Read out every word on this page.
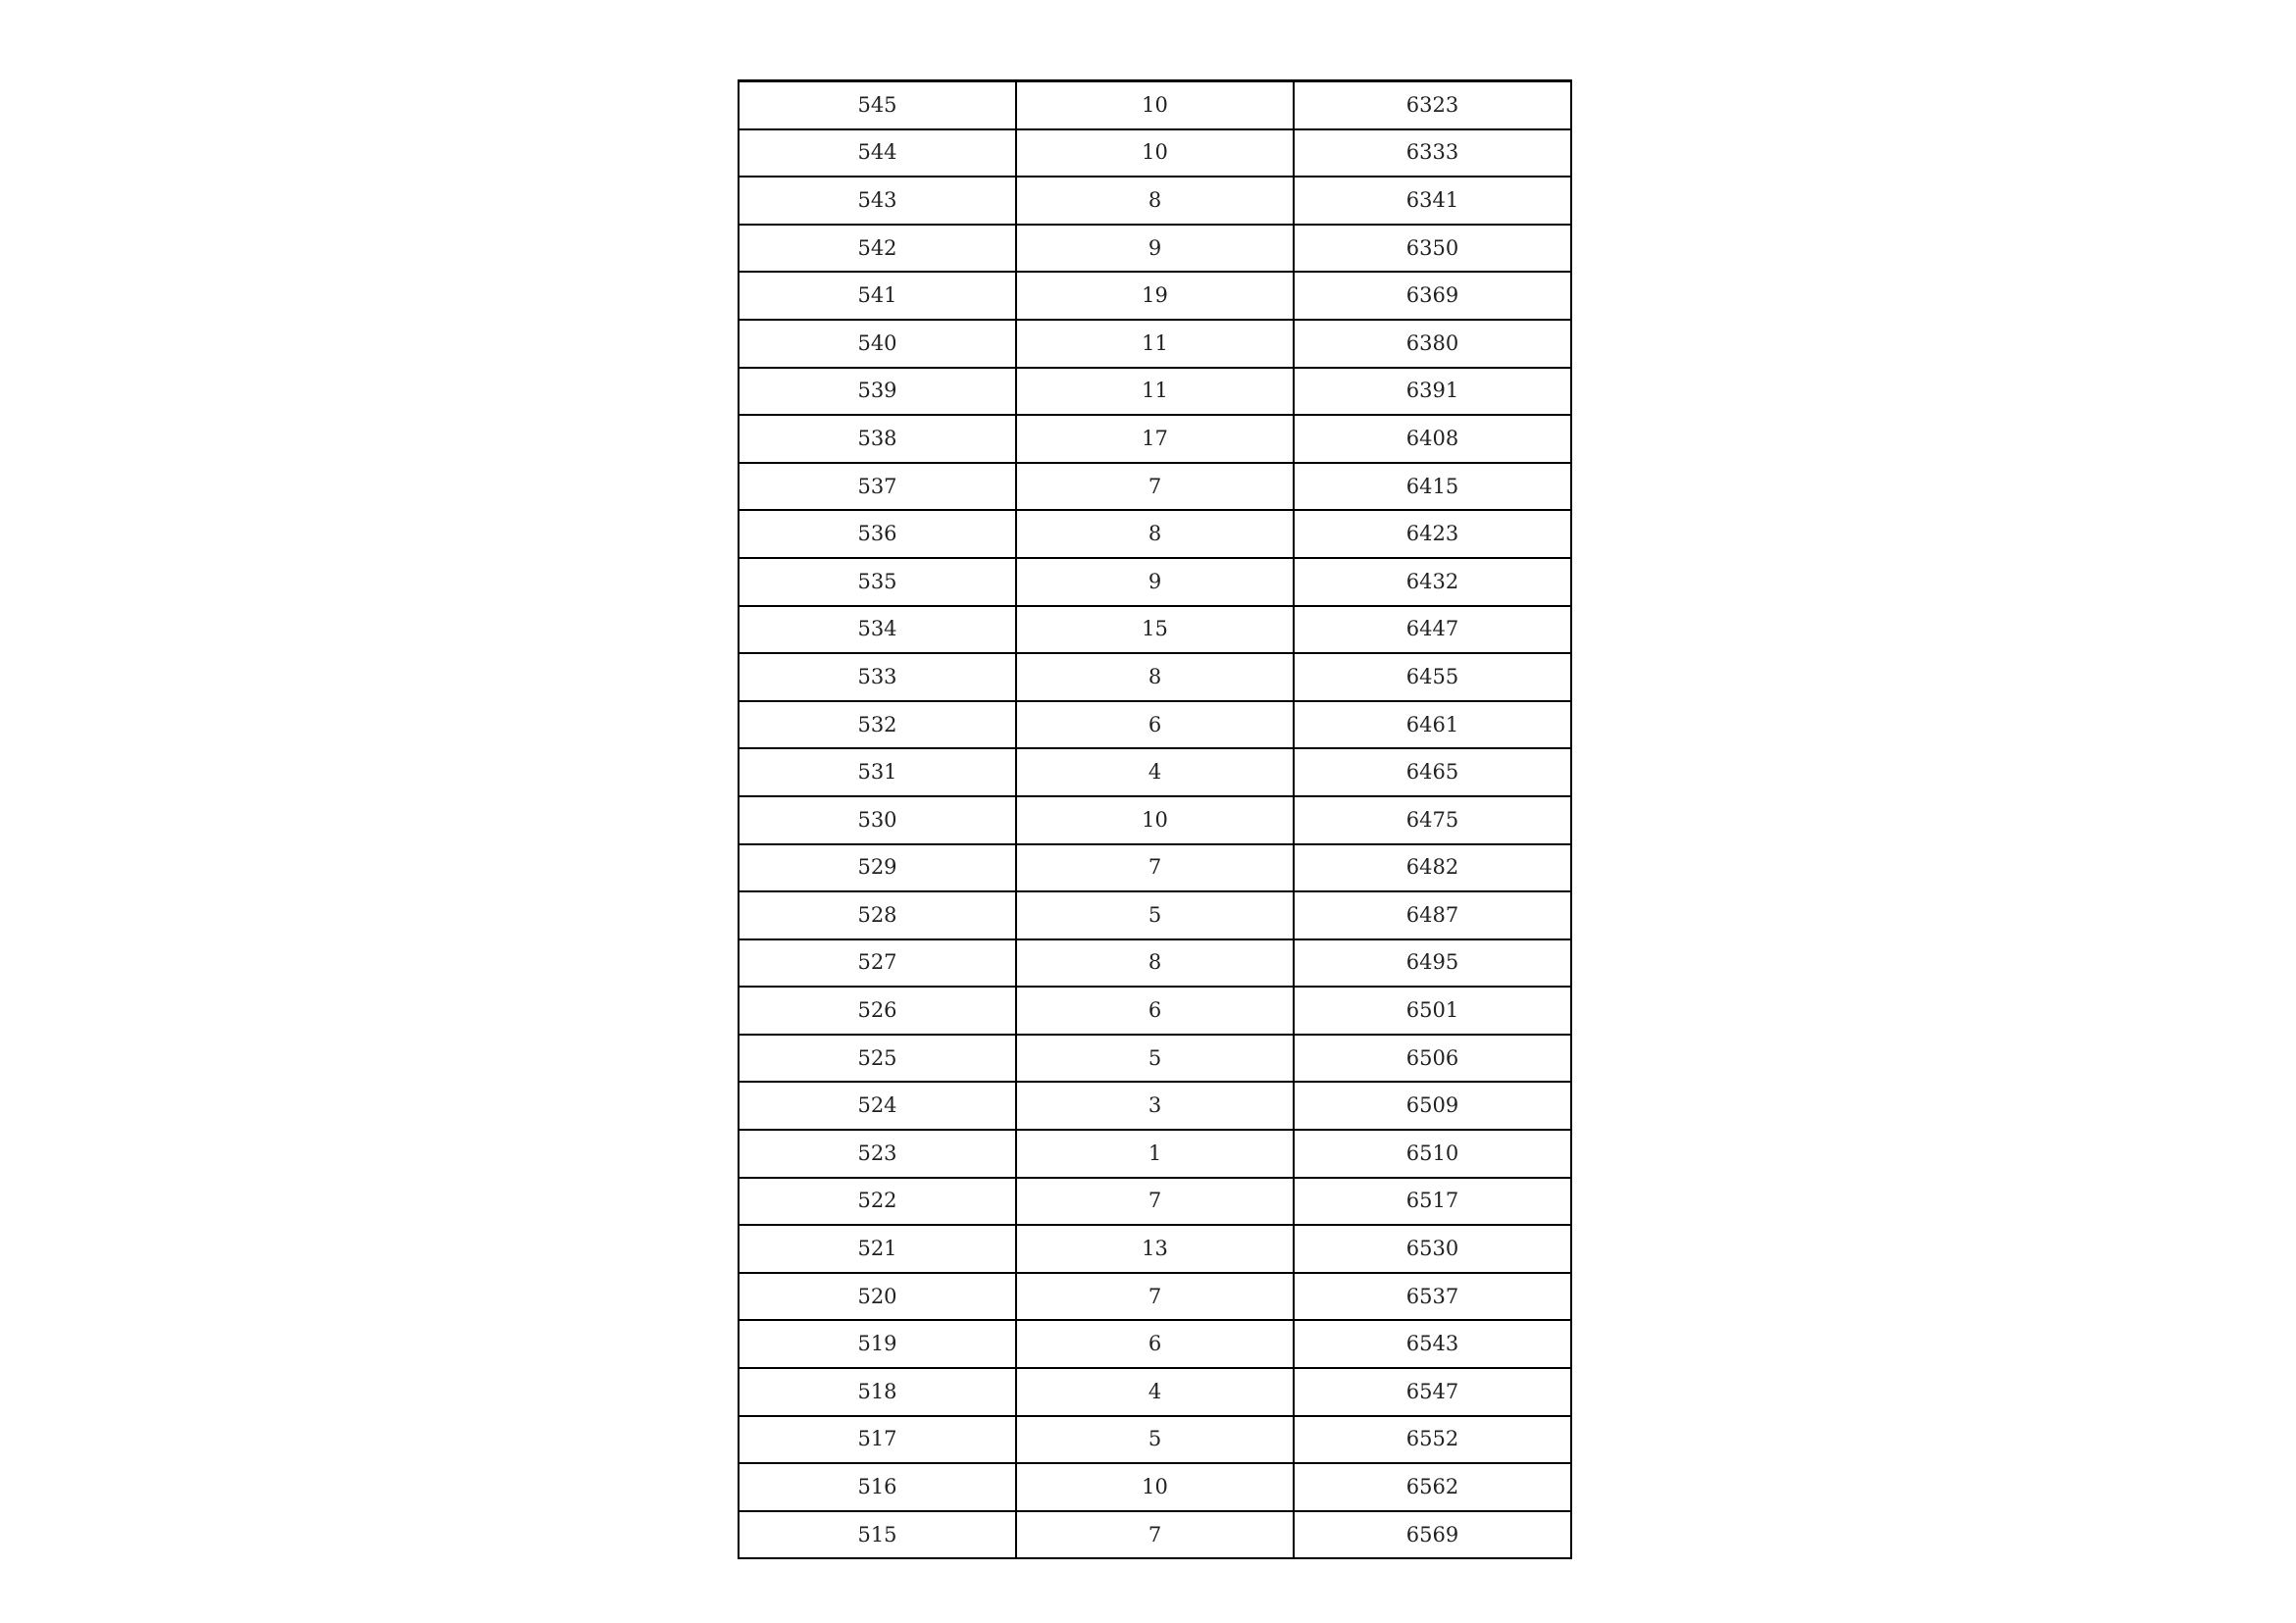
545	10	6323
544	10	6333
543	8	6341
542	9	6350
541	19	6369
540	11	6380
539	11	6391
538	17	6408
537	7	6415
536	8	6423
535	9	6432
534	15	6447
533	8	6455
532	6	6461
531	4	6465
530	10	6475
529	7	6482
528	5	6487
527	8	6495
526	6	6501
525	5	6506
524	3	6509
523	1	6510
522	7	6517
521	13	6530
520	7	6537
519	6	6543
518	4	6547
517	5	6552
516	10	6562
515	7	6569
